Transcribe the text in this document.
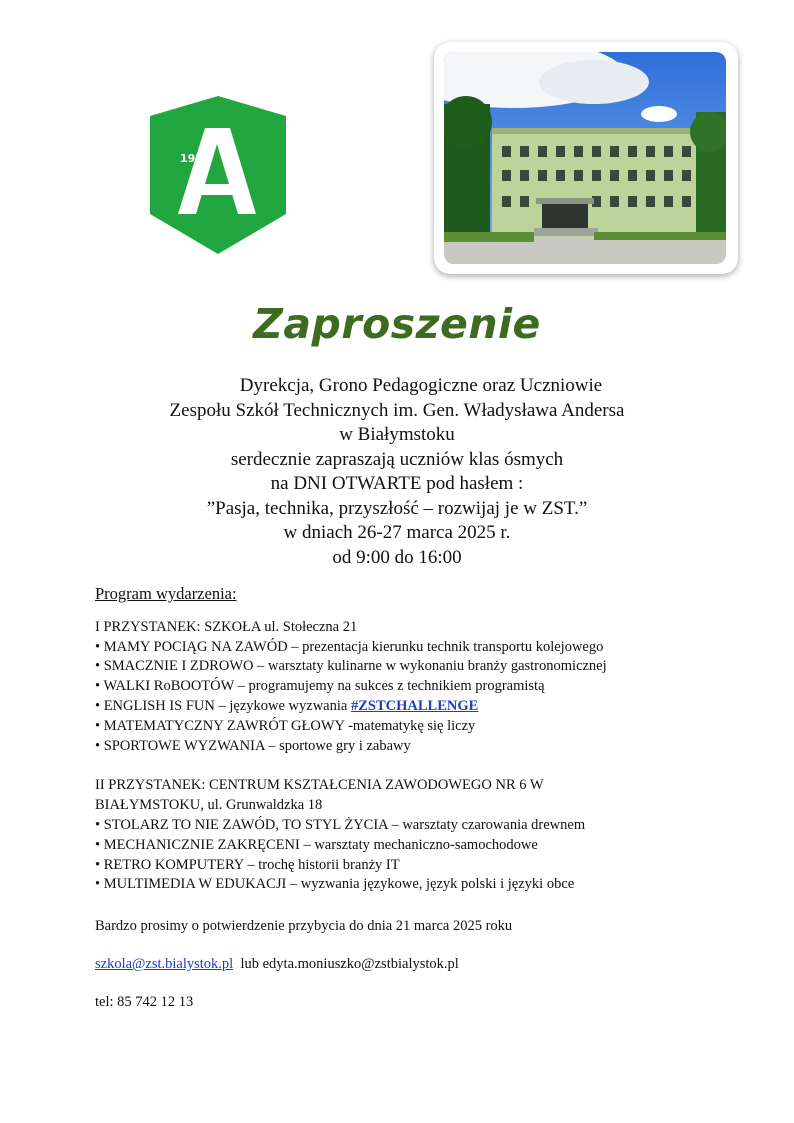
1929
Zaproszenie
Dyrekcja, Grono Pedagogiczne oraz Uczniowie
Zespołu Szkół Technicznych im. Gen. Władysława Andersa
w Białymstoku
serdecznie zapraszają uczniów klas ósmych
na DNI OTWARTE pod hasłem :
”Pasja, technika, przyszłość – rozwijaj je w ZST.”
w dniach 26-27 marca 2025 r.
od 9:00 do 16:00
Program wydarzenia:
I PRZYSTANEK: SZKOŁA ul. Stołeczna 21
• MAMY POCIĄG NA ZAWÓD – prezentacja kierunku technik transportu kolejowego
• SMACZNIE I ZDROWO – warsztaty kulinarne w wykonaniu branży gastronomicznej
• WALKI RoBOOTÓW – programujemy na sukces z technikiem programistą
• ENGLISH IS FUN – językowe wyzwania #ZSTCHALLENGE
• MATEMATYCZNY ZAWRÓT GŁOWY -matematykę się liczy
• SPORTOWE WYZWANIA – sportowe gry i zabawy
II PRZYSTANEK: CENTRUM KSZTAŁCENIA ZAWODOWEGO NR 6 W
BIAŁYMSTOKU, ul. Grunwaldzka 18
• STOLARZ TO NIE ZAWÓD, TO STYL ŻYCIA – warsztaty czarowania drewnem
• MECHANICZNIE ZAKRĘCENI – warsztaty mechaniczno-samochodowe
• RETRO KOMPUTERY – trochę historii branży IT
• MULTIMEDIA W EDUKACJI – wyzwania językowe, język polski i języki obce
Bardzo prosimy o potwierdzenie przybycia do dnia 21 marca 2025 roku
szkola@zst.bialystok.pl  lub edyta.moniuszko@zstbialystok.pl
tel: 85 742 12 13
